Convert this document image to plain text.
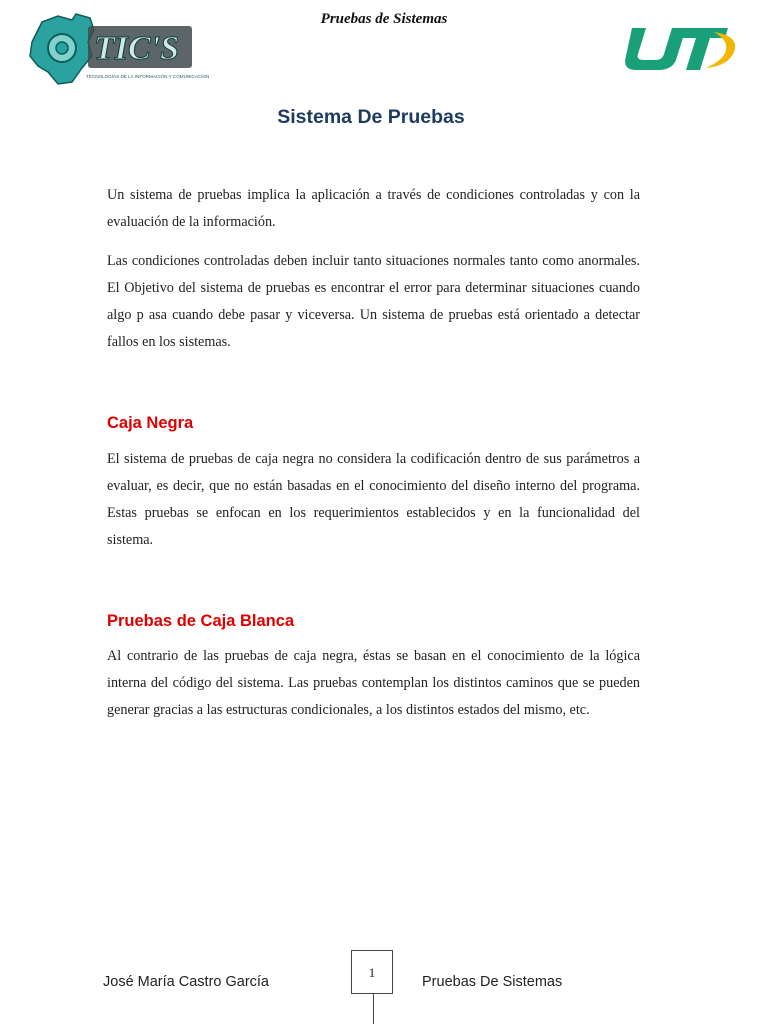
Pruebas de Sistemas
TIC'S
TECNOLOGÍAS DE LA INFORMACIÓN Y COMUNICACIÓN
UT
Sistema De Pruebas

Un sistema de pruebas implica la aplicación a través de condiciones controladas y con la evaluación de la información.

Las condiciones controladas deben incluir tanto situaciones normales tanto como anormales. El Objetivo del sistema de pruebas es encontrar el error para determinar situaciones cuando algo p asa cuando debe pasar y viceversa. Un sistema de pruebas está orientado a detectar fallos en los sistemas.

Caja Negra

El sistema de pruebas de caja negra no considera la codificación dentro de sus parámetros a evaluar, es decir, que no están basadas en el conocimiento del diseño interno del programa. Estas pruebas se enfocan en los requerimientos establecidos y en la funcionalidad del sistema.

Pruebas de Caja Blanca

Al contrario de las pruebas de caja negra, éstas se basan en el conocimiento de la lógica interna del código del sistema. Las pruebas contemplan los distintos caminos que se pueden generar gracias a las estructuras condicionales, a los distintos estados del mismo, etc.

José María Castro García
1
Pruebas De Sistemas
